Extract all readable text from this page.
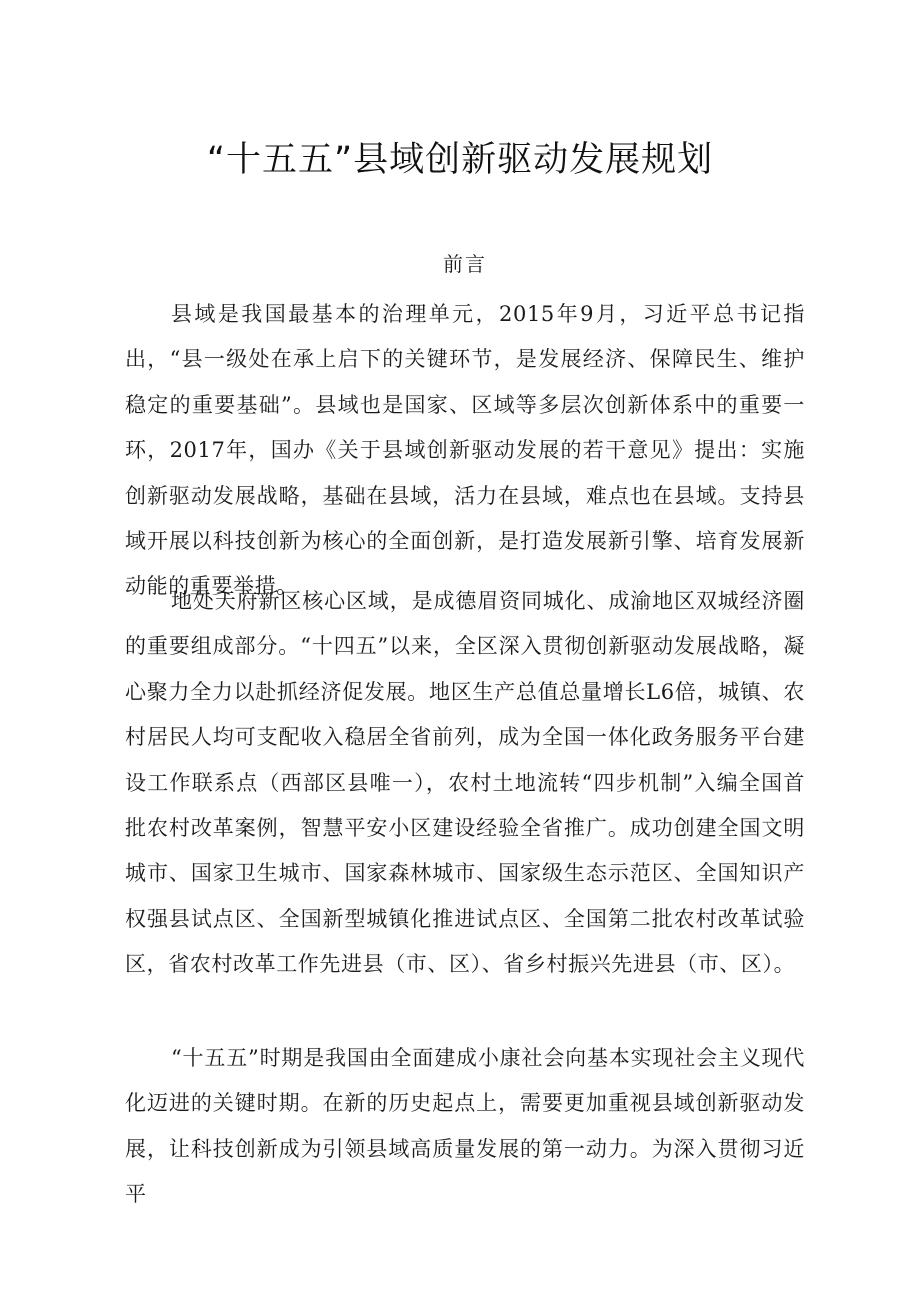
“十五五”县域创新驱动发展规划
前言

县域是我国最基本的治理单元，2015年9月，习近平总书记指出，“县一级处在承上启下的关键环节，是发展经济、保障民生、维护稳定的重要基础”。县域也是国家、区域等多层次创新体系中的重要一环，2017年，国办《关于县域创新驱动发展的若干意见》提出：实施创新驱动发展战略，基础在县域，活力在县域，难点也在县域。支持县域开展以科技创新为核心的全面创新，是打造发展新引擎、培育发展新动能的重要举措。

地处天府新区核心区域，是成德眉资同城化、成渝地区双城经济圈的重要组成部分。“十四五”以来，全区深入贯彻创新驱动发展战略，凝心聚力全力以赴抓经济促发展。地区生产总值总量增长L6倍，城镇、农村居民人均可支配收入稳居全省前列，成为全国一体化政务服务平台建设工作联系点（西部区县唯一），农村土地流转“四步机制”入编全国首批农村改革案例，智慧平安小区建设经验全省推广。成功创建全国文明城市、国家卫生城市、国家森林城市、国家级生态示范区、全国知识产权强县试点区、全国新型城镇化推进试点区、全国第二批农村改革试验区，省农村改革工作先进县（市、区）、省乡村振兴先进县（市、区）。

“十五五”时期是我国由全面建成小康社会向基本实现社会主义现代化迈进的关键时期。在新的历史起点上，需要更加重视县域创新驱动发展，让科技创新成为引领县域高质量发展的第一动力。为深入贯彻习近平
